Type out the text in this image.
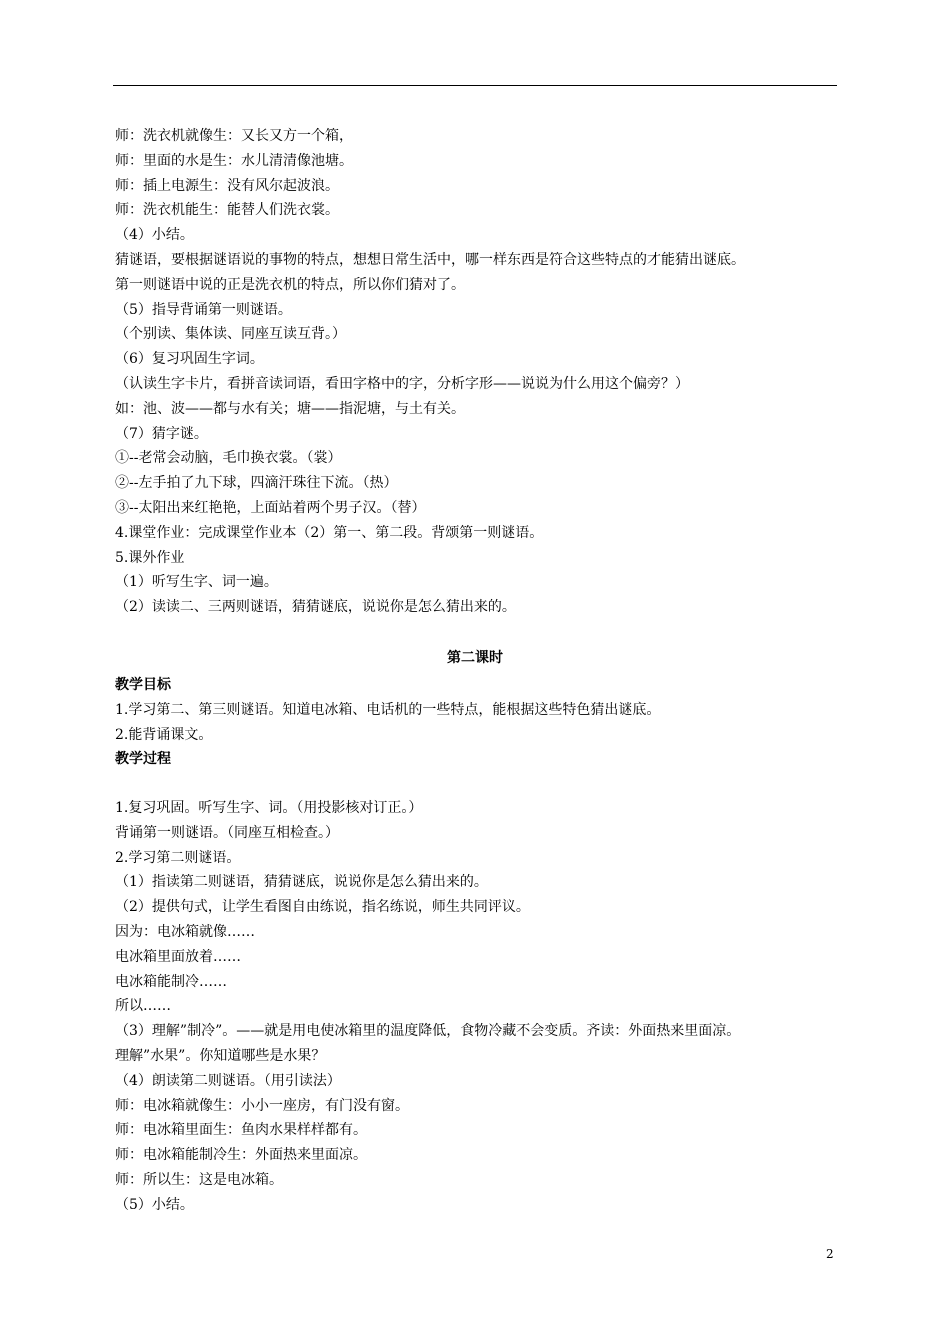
师：洗衣机就像生：又长又方一个箱，
师：里面的水是生：水儿清清像池塘。
师：插上电源生：没有风尔起波浪。
师：洗衣机能生：能替人们洗衣裳。
（4）小结。
猜谜语，要根据谜语说的事物的特点，想想日常生活中，哪一样东西是符合这些特点的才能猜出谜底。
第一则谜语中说的正是洗衣机的特点，所以你们猜对了。
（5）指导背诵第一则谜语。
（个别读、集体读、同座互读互背。）
（6）复习巩固生字词。
（认读生字卡片，看拼音读词语，看田字格中的字，分析字形——说说为什么用这个偏旁？）
如：池、波——都与水有关；塘——指泥塘，与土有关。
（7）猜字谜。
①--老常会动脑，毛巾换衣裳。（裳）
②--左手拍了九下球，四滴汗珠往下流。（热）
③--太阳出来红艳艳，上面站着两个男子汉。（替）
4.课堂作业：完成课堂作业本（2）第一、第二段。背颂第一则谜语。
5.课外作业
（1）听写生字、词一遍。
（2）读读二、三两则谜语，猜猜谜底，说说你是怎么猜出来的。
第二课时
教学目标
1.学习第二、第三则谜语。知道电冰箱、电话机的一些特点，能根据这些特色猜出谜底。
2.能背诵课文。
教学过程
1.复习巩固。听写生字、词。（用投影核对订正。）
背诵第一则谜语。（同座互相检查。）
2.学习第二则谜语。
（1）指读第二则谜语，猜猜谜底，说说你是怎么猜出来的。
（2）提供句式，让学生看图自由练说，指名练说，师生共同评议。
因为：电冰箱就像……
电冰箱里面放着……
电冰箱能制冷……
所以……
（3）理解”制冷”。——就是用电使冰箱里的温度降低，食物冷藏不会变质。齐读：外面热来里面凉。
理解”水果”。你知道哪些是水果？
（4）朗读第二则谜语。（用引读法）
师：电冰箱就像生：小小一座房，有门没有窗。
师：电冰箱里面生：鱼肉水果样样都有。
师：电冰箱能制冷生：外面热来里面凉。
师：所以生：这是电冰箱。
（5）小结。
2
